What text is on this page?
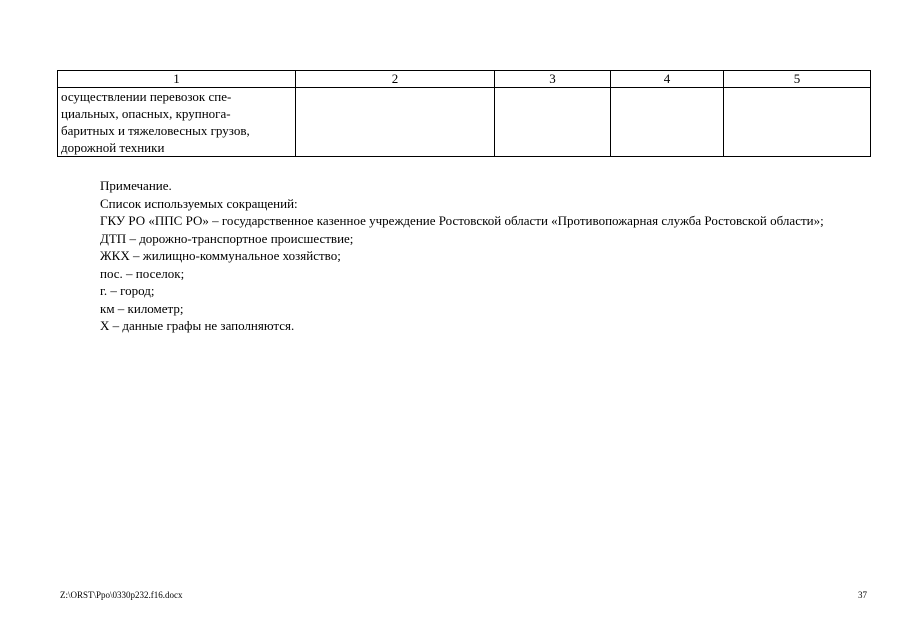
1	2	3	4	5
осуществлении перевозок спе-
циальных, опасных, крупнога-
баритных и тяжеловесных грузов,
дорожной техники				

Примечание.

Список используемых сокращений:

ГКУ РО «ППС РО» – государственное казенное учреждение Ростовской области «Противопожарная служба Ростовской области»;

ДТП – дорожно-транспортное происшествие;

ЖКХ – жилищно-коммунальное хозяйство;

пос. – поселок;

г. – город;

км – километр;

Х – данные графы не заполняются.

Z:\ORST\Ppo\0330p232.f16.docx	37
